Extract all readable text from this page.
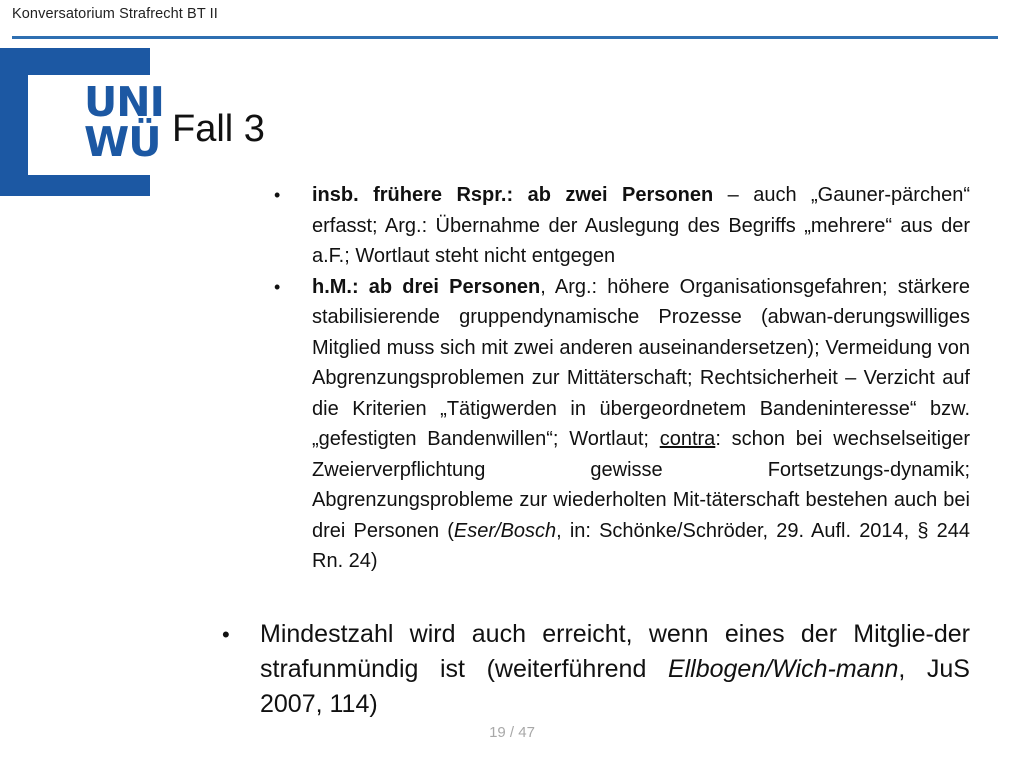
Konversatorium Strafrecht BT II
UNI
WÜ Fall 3
• insb. frühere Rspr.: ab zwei Personen – auch „Gauner-pärchen“ erfasst; Arg.: Übernahme der Auslegung des Begriffs „mehrere“ aus der a.F.; Wortlaut steht nicht entgegen
• h.M.: ab drei Personen, Arg.: höhere Organisationsgefahren; stärkere stabilisierende gruppendynamische Prozesse (abwan-derungswilliges Mitglied muss sich mit zwei anderen auseinandersetzen); Vermeidung von Abgrenzungsproblemen zur Mittäterschaft; Rechtsicherheit – Verzicht auf die Kriterien „Tätigwerden in übergeordnetem Bandeninteresse“ bzw. „gefestigten Bandenwillen“; Wortlaut; contra: schon bei wechselseitiger Zweierverpflichtung gewisse Fortsetzungs-dynamik; Abgrenzungsprobleme zur wiederholten Mit-täterschaft bestehen auch bei drei Personen (Eser/Bosch, in: Schönke/Schröder, 29. Aufl. 2014, § 244 Rn. 24)
• Mindestzahl wird auch erreicht, wenn eines der Mitglie-der strafunmündig ist (weiterführend Ellbogen/Wich-mann, JuS 2007, 114)
19 / 47
